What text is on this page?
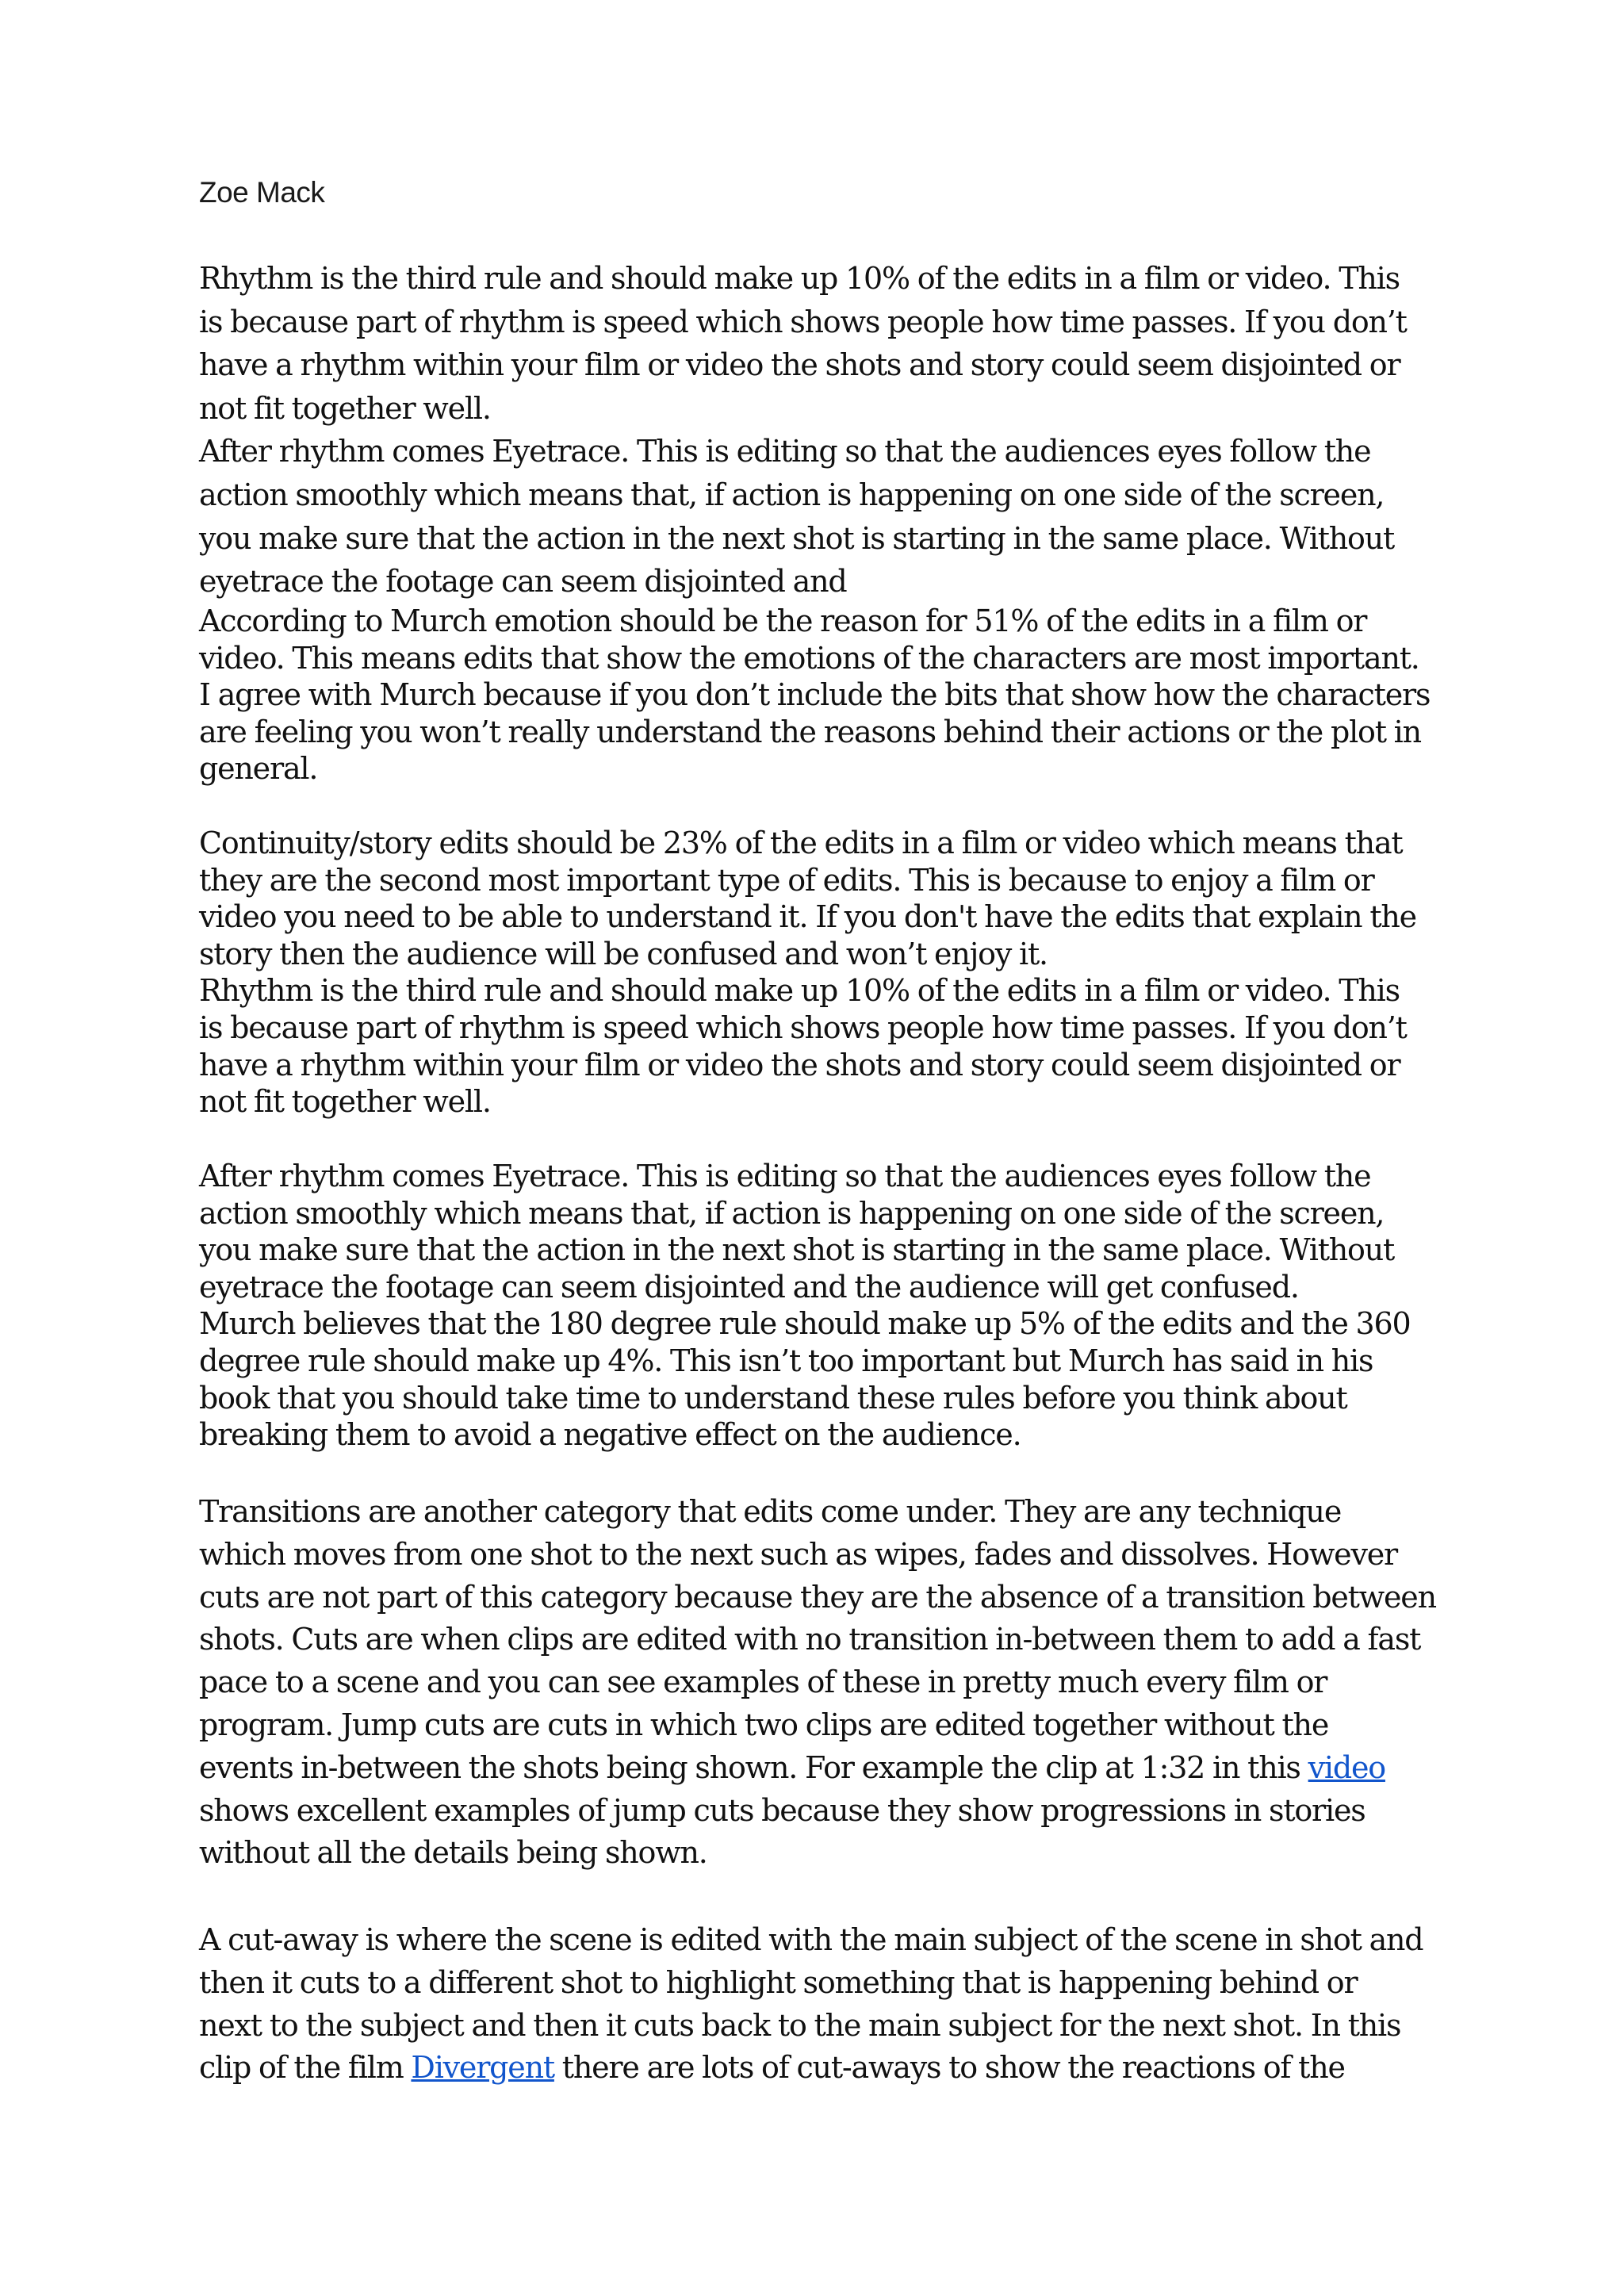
Zoe Mack

Rhythm is the third rule and should make up 10% of the edits in a film or video. This
is because part of rhythm is speed which shows people how time passes. If you don’t
have a rhythm within your film or video the shots and story could seem disjointed or
not fit together well.
After rhythm comes Eyetrace. This is editing so that the audiences eyes follow the
action smoothly which means that, if action is happening on one side of the screen,
you make sure that the action in the next shot is starting in the same place. Without
eyetrace the footage can seem disjointed and

According to Murch emotion should be the reason for 51% of the edits in a film or
video. This means edits that show the emotions of the characters are most important.
I agree with Murch because if you don’t include the bits that show how the characters
are feeling you won’t really understand the reasons behind their actions or the plot in
general.

Continuity/story edits should be 23% of the edits in a film or video which means that
they are the second most important type of edits. This is because to enjoy a film or
video you need to be able to understand it. If you don't have the edits that explain the
story then the audience will be confused and won’t enjoy it.
Rhythm is the third rule and should make up 10% of the edits in a film or video. This
is because part of rhythm is speed which shows people how time passes. If you don’t
have a rhythm within your film or video the shots and story could seem disjointed or
not fit together well.

After rhythm comes Eyetrace. This is editing so that the audiences eyes follow the
action smoothly which means that, if action is happening on one side of the screen,
you make sure that the action in the next shot is starting in the same place. Without
eyetrace the footage can seem disjointed and the audience will get confused.
Murch believes that the 180 degree rule should make up 5% of the edits and the 360
degree rule should make up 4%. This isn’t too important but Murch has said in his
book that you should take time to understand these rules before you think about
breaking them to avoid a negative effect on the audience.

Transitions are another category that edits come under. They are any technique
which moves from one shot to the next such as wipes, fades and dissolves. However
cuts are not part of this category because they are the absence of a transition between
shots. Cuts are when clips are edited with no transition in-between them to add a fast
pace to a scene and you can see examples of these in pretty much every film or
program. Jump cuts are cuts in which two clips are edited together without the
events in-between the shots being shown. For example the clip at 1:32 in this video
shows excellent examples of jump cuts because they show progressions in stories
without all the details being shown.

A cut-away is where the scene is edited with the main subject of the scene in shot and
then it cuts to a different shot to highlight something that is happening behind or
next to the subject and then it cuts back to the main subject for the next shot. In this
clip of the film Divergent there are lots of cut-aways to show the reactions of the
